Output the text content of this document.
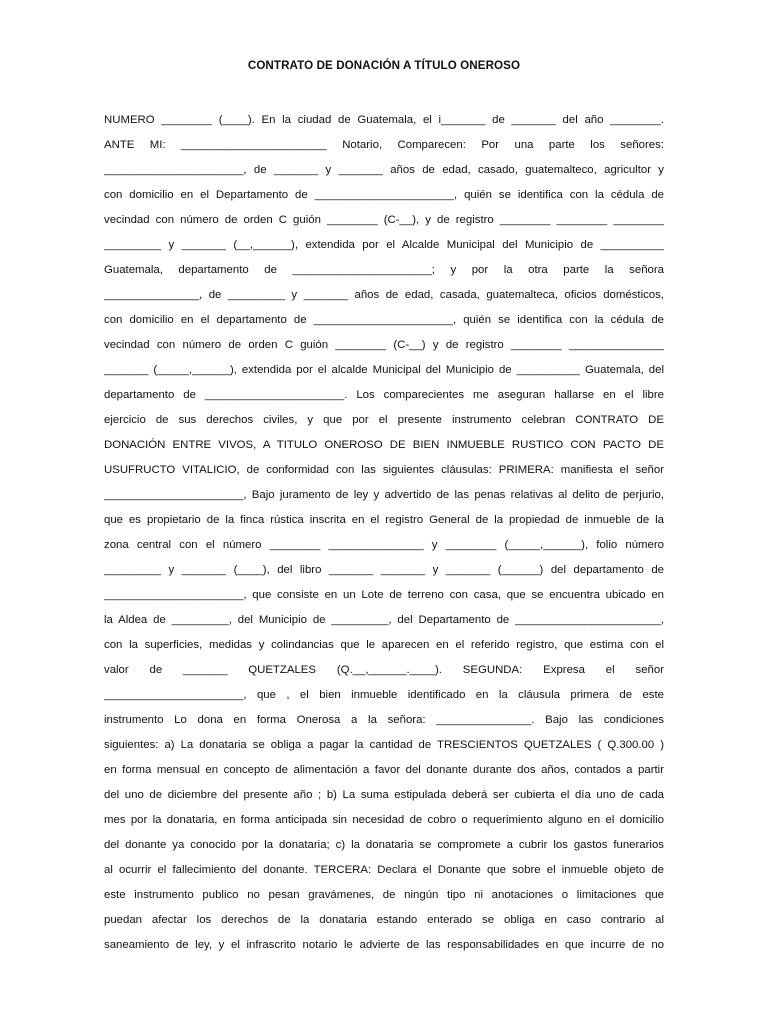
CONTRATO DE DONACIÓN A TÍTULO ONEROSO
NUMERO ________ (____). En la ciudad de Guatemala, el i_______ de _______ del año ________.
ANTE MI: _______________________ Notario, Comparecen: Por una parte los señores:
______________________, de _______ y _______ años de edad, casado, guatemalteco, agricultor y
con domicilio en el Departamento de ______________________, quién se identifica con la cédula de
vecindad con número de orden C guión ________ (C-__), y de registro ________ ________ ________
_________ y _______ (__,______), extendida por el Alcalde Municipal del Municipio de __________
Guatemala, departamento de ______________________; y por la otra parte la señora
_______________, de _________ y _______ años de edad, casada, guatemalteca, oficios domésticos,
con domicilio en el departamento de ______________________, quién se identifica con la cédula de
vecindad con número de orden C guión ________ (C-__) y de registro ________ _______________
_______ (_____,______), extendida por el alcalde Municipal del Municipio de __________ Guatemala, del
departamento de ______________________. Los comparecientes me aseguran hallarse en el libre
ejercicio de sus derechos civiles, y que por el presente instrumento celebran CONTRATO DE
DONACIÓN ENTRE VIVOS, A TITULO ONEROSO DE BIEN INMUEBLE RUSTICO CON PACTO DE
USUFRUCTO VITALICIO, de conformidad con las siguientes cláusulas: PRIMERA: manifiesta el señor
______________________, Bajo juramento de ley y advertido de las penas relativas al delito de perjurio,
que es propietario de la finca rústica inscrita en el registro General de la propiedad de inmueble de la
zona central con el número ________ _______________ y ________ (_____,______), folio número
_________ y _______ (____), del libro _______ _______ y _______ (______) del departamento de
______________________, que consiste en un Lote de terreno con casa, que se encuentra ubicado en
la Aldea de _________, del Municipio de _________, del Departamento de _______________________,
con la superficies, medidas y colindancias que le aparecen en el referido registro, que estima con el
valor de _______ QUETZALES (Q.__,______.____). SEGUNDA: Expresa el señor
______________________, que , el bien inmueble identificado en la cláusula primera de este
instrumento Lo dona en forma Onerosa a la señora: _______________. Bajo las condiciones
siguientes: a) La donataria se obliga a pagar la cantidad de TRESCIENTOS QUETZALES ( Q.300.00 )
en forma mensual en concepto de alimentación a favor del donante durante dos años, contados a partir
del uno de diciembre del presente año ; b) La suma estipulada deberá ser cubierta el día uno de cada
mes por la donataria, en forma anticipada sin necesidad de cobro o requerimiento alguno en el domicilio
del donante ya conocido por la donataria; c) la donataria se compromete a cubrir los gastos funerarios
al ocurrir el fallecimiento del donante. TERCERA: Declara el Donante que sobre el inmueble objeto de
este instrumento publico no pesan gravámenes, de ningún tipo ni anotaciones o limitaciones que
puedan afectar los derechos de la donataria estando enterado se obliga en caso contrario al
saneamiento de ley, y el infrascrito notario le advierte de las responsabilidades en que incurre de no
